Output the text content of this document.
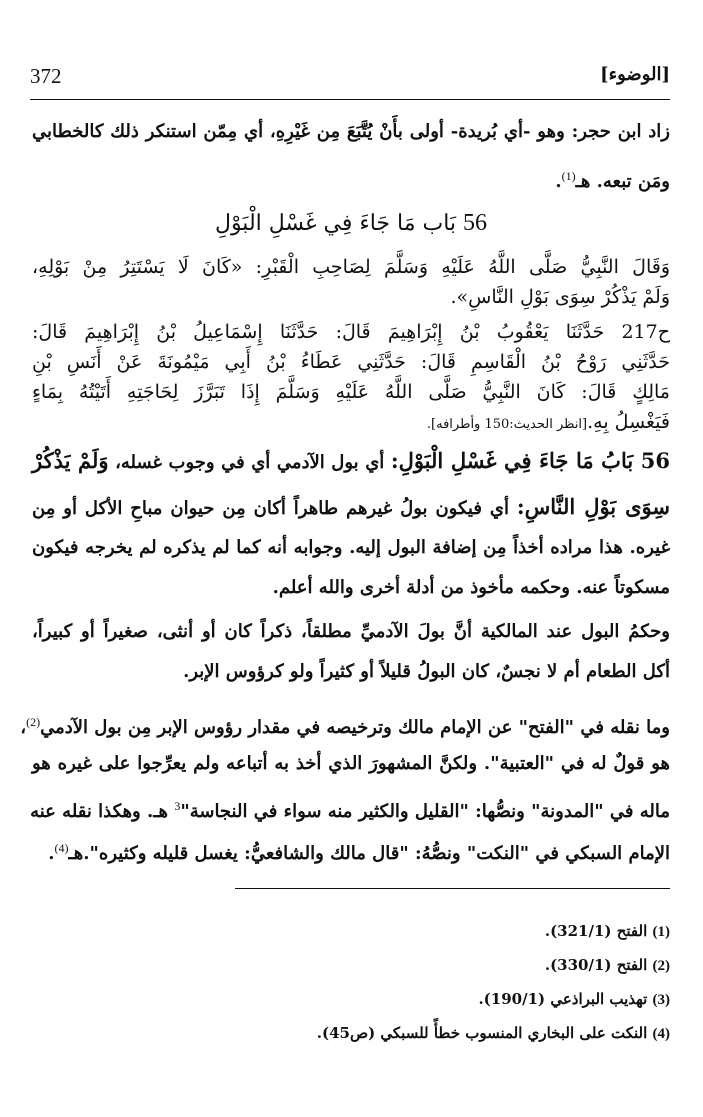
372	[الوضوء]
زاد ابن حجر: وهو -أي بُريدة- أولى بأَنْ يُتَّبَعَ مِن غَيْرِهِ، أي مِمّن استنكر ذلك كالخطابي
ومَن تبعه. هـ$^{(1)}$.
56 بَاب مَا جَاءَ فِي غَسْلِ الْبَوْلِ
وَقَالَ النَّبِيُّ صَلَّى اللَّهُ عَلَيْهِ وَسَلَّمَ لِصَاحِبِ الْقَبْرِ: «كَانَ لَا يَسْتَتِرُ مِنْ بَوْلِهِ،
وَلَمْ يَذْكُرْ سِوَى بَوْلِ النَّاسِ».
ح217 حَدَّثَنَا يَعْقُوبُ بْنُ إِبْرَاهِيمَ قَالَ: حَدَّثَنَا إِسْمَاعِيلُ بْنُ إِبْرَاهِيمَ قَالَ:
حَدَّثَنِي رَوْحُ بْنُ الْقَاسِمِ قَالَ: حَدَّثَنِي عَطَاءُ بْنُ أَبِي مَيْمُونَةَ عَنْ أَنَسِ بْنِ
مَالِكٍ قَالَ: كَانَ النَّبِيُّ صَلَّى اللَّهُ عَلَيْهِ وَسَلَّمَ إِذَا تَبَرَّزَ لِحَاجَتِهِ أَتَيْتُهُ بِمَاءٍ
فَيَغْسِلُ بِهِ.[انظر الحديث:150 وأطرافه].
56 بَابُ مَا جَاءَ فِي غَسْلِ الْبَوْلِ: أي بول الآدمي أي في وجوب غسله، وَلَمْ يَذْكُرْ
سِوَى بَوْلِ النَّاسِ: أي فيكون بولُ غيرهم طاهراً أكان مِن حيوان مباحِ الأكل أو مِن
غيره. هذا مراده أخذاً مِن إضافة البول إليه. وجوابه أنه كما لم يذكره لم يخرجه فيكون
مسكوتاً عنه. وحكمه مأخوذ من أدلة أخرى والله أعلم.
وحكمُ البول عند المالكية أنَّ بولَ الآدميِّ مطلقاً، ذكراً كان أو أنثى، صغيراً أو كبيراً،
أكل الطعام أم لا نجسٌ، كان البولُ قليلاً أو كثيراً ولو كرؤوس الإبر.
وما نقله في "الفتح" عن الإمام مالك وترخيصه في مقدار رؤوس الإبر مِن بول الآدمي$^{(2)}$،
هو قولٌ له في "العتبية". ولكنَّ المشهورَ الذي أخذ به أتباعه ولم يعرِّجوا على غيره هو
ماله في "المدونة" ونصُّها: "القليل والكثير منه سواء في النجاسة"$^3$ هـ. وهكذا نقله عنه
الإمام السبكي في "النكت" ونصُّهُ: "قال مالك والشافعيُّ: يغسل قليله وكثيره".هـ$^{(4)}$.
(1) الفتح (321/1).
(2) الفتح (330/1).
(3) تهذيب البراذعي (190/1).
(4) النكت على البخاري المنسوب خطأً للسبكي (ص45).
